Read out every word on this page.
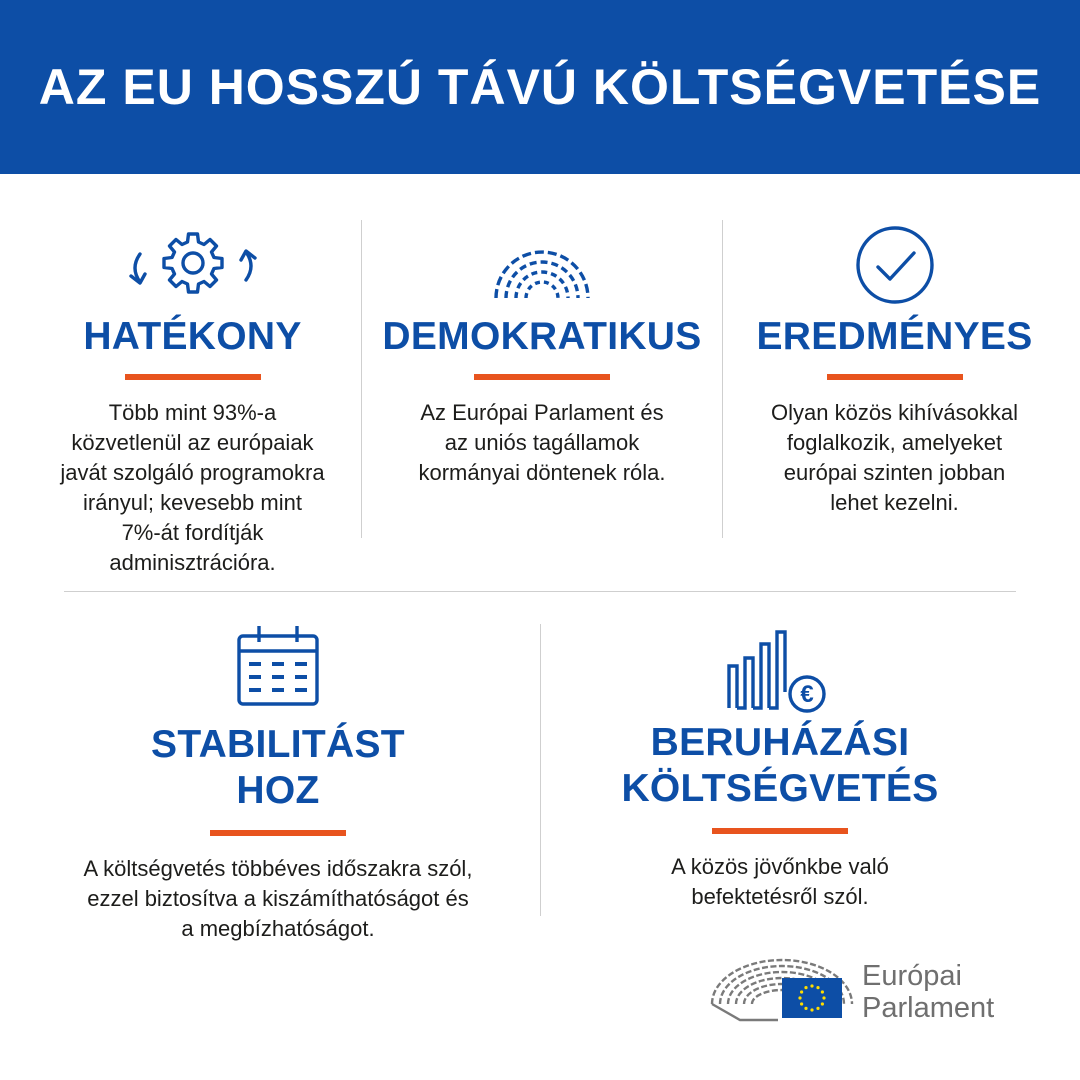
AZ EU HOSSZÚ TÁVÚ KÖLTSÉGVETÉSE
HATÉKONY
Több mint 93%-a
közvetlenül az európaiak
javát szolgáló programokra
irányul; kevesebb mint
7%-át fordítják
adminisztrációra.
DEMOKRATIKUS
Az Európai Parlament és
az uniós tagállamok
kormányai döntenek róla.
EREDMÉNYES
Olyan közös kihívásokkal
foglalkozik, amelyeket
európai szinten jobban
lehet kezelni.
STABILITÁST
HOZ
A költségvetés többéves időszakra szól,
ezzel biztosítva a kiszámíthatóságot és
a megbízhatóságot.
€
BERUHÁZÁSI
KÖLTSÉGVETÉS
A közös jövőnkbe való
befektetésről szól.
Európai
Parlament
